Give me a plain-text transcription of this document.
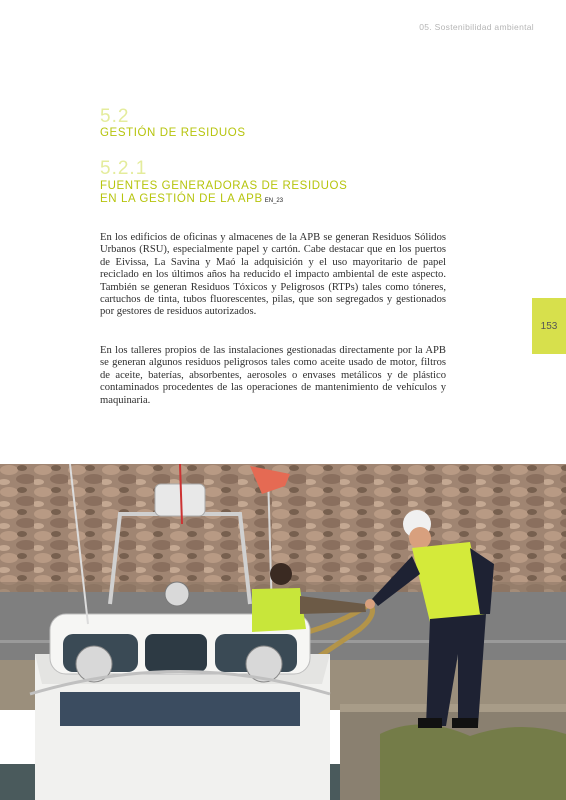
05. Sostenibilidad ambiental
5.2
GESTIÓN DE RESIDUOS
5.2.1
FUENTES GENERADORAS DE RESIDUOS
EN LA GESTIÓN DE LA APB EN_23

En los edificios de oficinas y almacenes de la APB se generan Residuos Sólidos Urbanos (RSU), especialmente papel y cartón. Cabe destacar que en los puertos de Eivissa, La Savina y Maó la adquisición y el uso mayoritario de papel reciclado en los últimos años ha reducido el impacto ambiental de este aspecto. También se generan Residuos Tóxicos y Peligrosos (RTPs) tales como tóneres, cartuchos de tinta, tubos fluorescentes, pilas, que son segregados y gestionados por gestores de residuos autorizados.

En los talleres propios de las instalaciones gestionadas directamente por la APB se generan algunos residuos peligrosos tales como aceite usado de motor, filtros de aceite, baterías, absorbentes, aerosoles o envases metálicos y de plástico contaminados procedentes de las operaciones de mantenimiento de vehículos y maquinaria.

153
